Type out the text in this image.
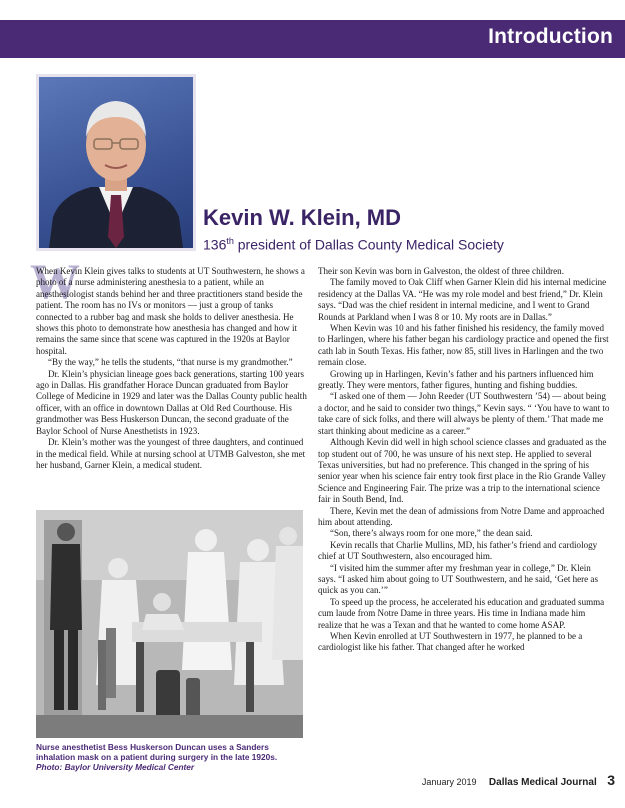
Introduction
Kevin W. Klein, MD
136th president of Dallas County Medical Society
W

When Kevin Klein gives talks to students at UT Southwestern, he shows a photo of a nurse administering anesthesia to a patient, while an anesthesiologist stands behind her and three practitioners stand beside the patient. The room has no IVs or monitors — just a group of tanks connected to a rubber bag and mask she holds to deliver anesthesia. He shows this photo to demonstrate how anesthesia has changed and how it remains the same since that scene was captured in the 1920s at Baylor hospital.

“By the way,” he tells the students, “that nurse is my grandmother.”

Dr. Klein’s physician lineage goes back generations, starting 100 years ago in Dallas. His grandfather Horace Duncan graduated from Baylor College of Medicine in 1929 and later was the Dallas County public health officer, with an office in downtown Dallas at Old Red Courthouse. His grandmother was Bess Huskerson Duncan, the second graduate of the Baylor School of Nurse Anesthetists in 1923.

Dr. Klein’s mother was the youngest of three daughters, and continued in the medical field. While at nursing school at UTMB Galveston, she met her husband, Garner Klein, a medical student.

Nurse anesthetist Bess Huskerson Duncan uses a Sanders inhalation mask on a patient during surgery in the late 1920s.
Photo: Baylor University Medical Center

Their son Kevin was born in Galveston, the oldest of three children.

The family moved to Oak Cliff when Garner Klein did his internal medicine residency at the Dallas VA. “He was my role model and best friend,” Dr. Klein says. “Dad was the chief resident in internal medicine, and I went to Grand Rounds at Parkland when I was 8 or 10. My roots are in Dallas.”

When Kevin was 10 and his father finished his residency, the family moved to Harlingen, where his father began his cardiology practice and opened the first cath lab in South Texas. His father, now 85, still lives in Harlingen and the two remain close.

Growing up in Harlingen, Kevin’s father and his partners influenced him greatly. They were mentors, father figures, hunting and fishing buddies.

“I asked one of them — John Reeder (UT Southwestern ’54) — about being a doctor, and he said to consider two things,” Kevin says. “ ‘You have to want to take care of sick folks, and there will always be plenty of them.’ That made me start thinking about medicine as a career.”

Although Kevin did well in high school science classes and graduated as the top student out of 700, he was unsure of his next step. He applied to several Texas universities, but had no preference. This changed in the spring of his senior year when his science fair entry took first place in the Rio Grande Valley Science and Engineering Fair. The prize was a trip to the international science fair in South Bend, Ind.

There, Kevin met the dean of admissions from Notre Dame and approached him about attending.

“Son, there’s always room for one more,” the dean said.

Kevin recalls that Charlie Mullins, MD, his father’s friend and cardiology chief at UT Southwestern, also encouraged him.

“I visited him the summer after my freshman year in college,” Dr. Klein says. “I asked him about going to UT Southwestern, and he said, ‘Get here as quick as you can.’”

To speed up the process, he accelerated his education and graduated summa cum laude from Notre Dame in three years. His time in Indiana made him realize that he was a Texan and that he wanted to come home ASAP.

When Kevin enrolled at UT Southwestern in 1977, he planned to be a cardiologist like his father. That changed after he worked

January 2019 Dallas Medical Journal 3
